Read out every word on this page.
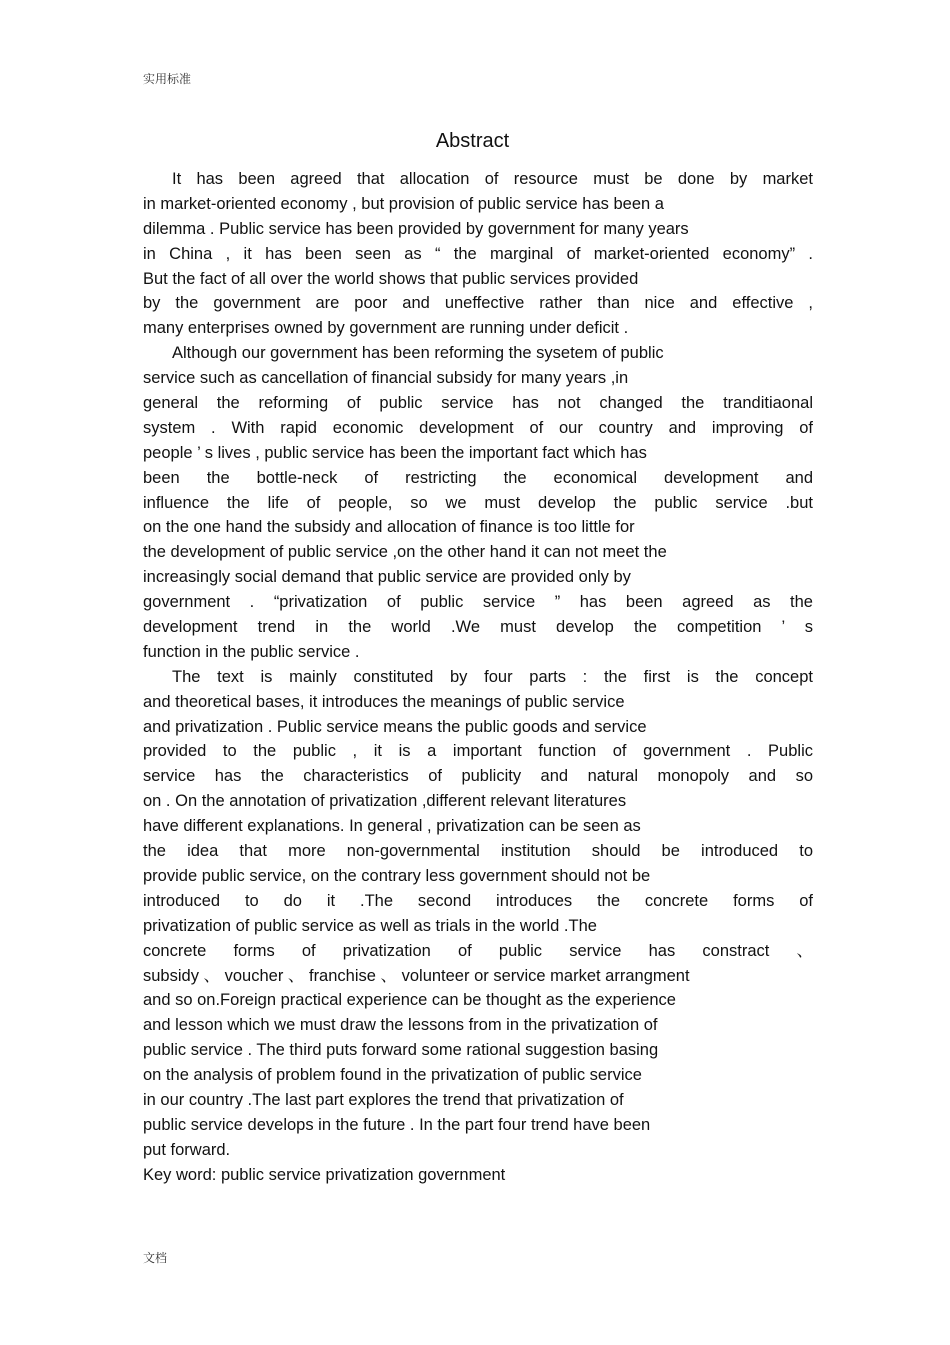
实用标准
Abstract
It has been agreed that allocation of resource must be done by market
in market-oriented economy , but provision of public service has been a
dilemma . Public service has been provided by government for many years
in China , it has been seen as “ the marginal of market-oriented economy” .
But the fact of all over the world shows that public services provided
by the government are poor and uneffective rather than nice and effective ,
many enterprises owned by government are running under deficit .
Although our government has been reforming the sysetem of public
service such as cancellation of financial subsidy for many years ,in
general the reforming of public service has not changed the tranditiaonal
system . With rapid economic development of our country and improving of
people ’ s lives , public service has been the important fact which has
been the bottle-neck of restricting the economical development and
influence the life of people, so we must develop the public service .but
on the one hand the subsidy and allocation of finance is too little for
the development of public service ,on the other hand it can not meet the
increasingly social demand that public service are provided only by
government . “privatization of public service ” has been agreed as the
development trend in the world .We must develop the competition ’ s
function in the public service .
The text is mainly constituted by four parts : the first is the concept
and theoretical bases, it introduces the meanings of public service
and privatization . Public service means the public goods and service
provided to the public , it is a important function of government . Public
service has the characteristics of publicity and natural monopoly and so
on . On the annotation of privatization ,different relevant literatures
have different explanations. In general , privatization can be seen as
the idea that more non-governmental institution should be introduced to
provide public service, on the contrary less government should not be
introduced to do it .The second introduces the concrete forms of
privatization of public service as well as trials in the world .The
concrete forms of privatization of public service has constract 、
subsidy 、 voucher 、 franchise 、 volunteer or service market arrangment
and so on.Foreign practical experience can be thought as the experience
and lesson which we must draw the lessons from in the privatization of
public service . The third puts forward some rational suggestion basing
on the analysis of problem found in the privatization of public service
in our country .The last part explores the trend that privatization of
public service develops in the future . In the part four trend have been
put forward.
Key word: public service privatization government
文档
